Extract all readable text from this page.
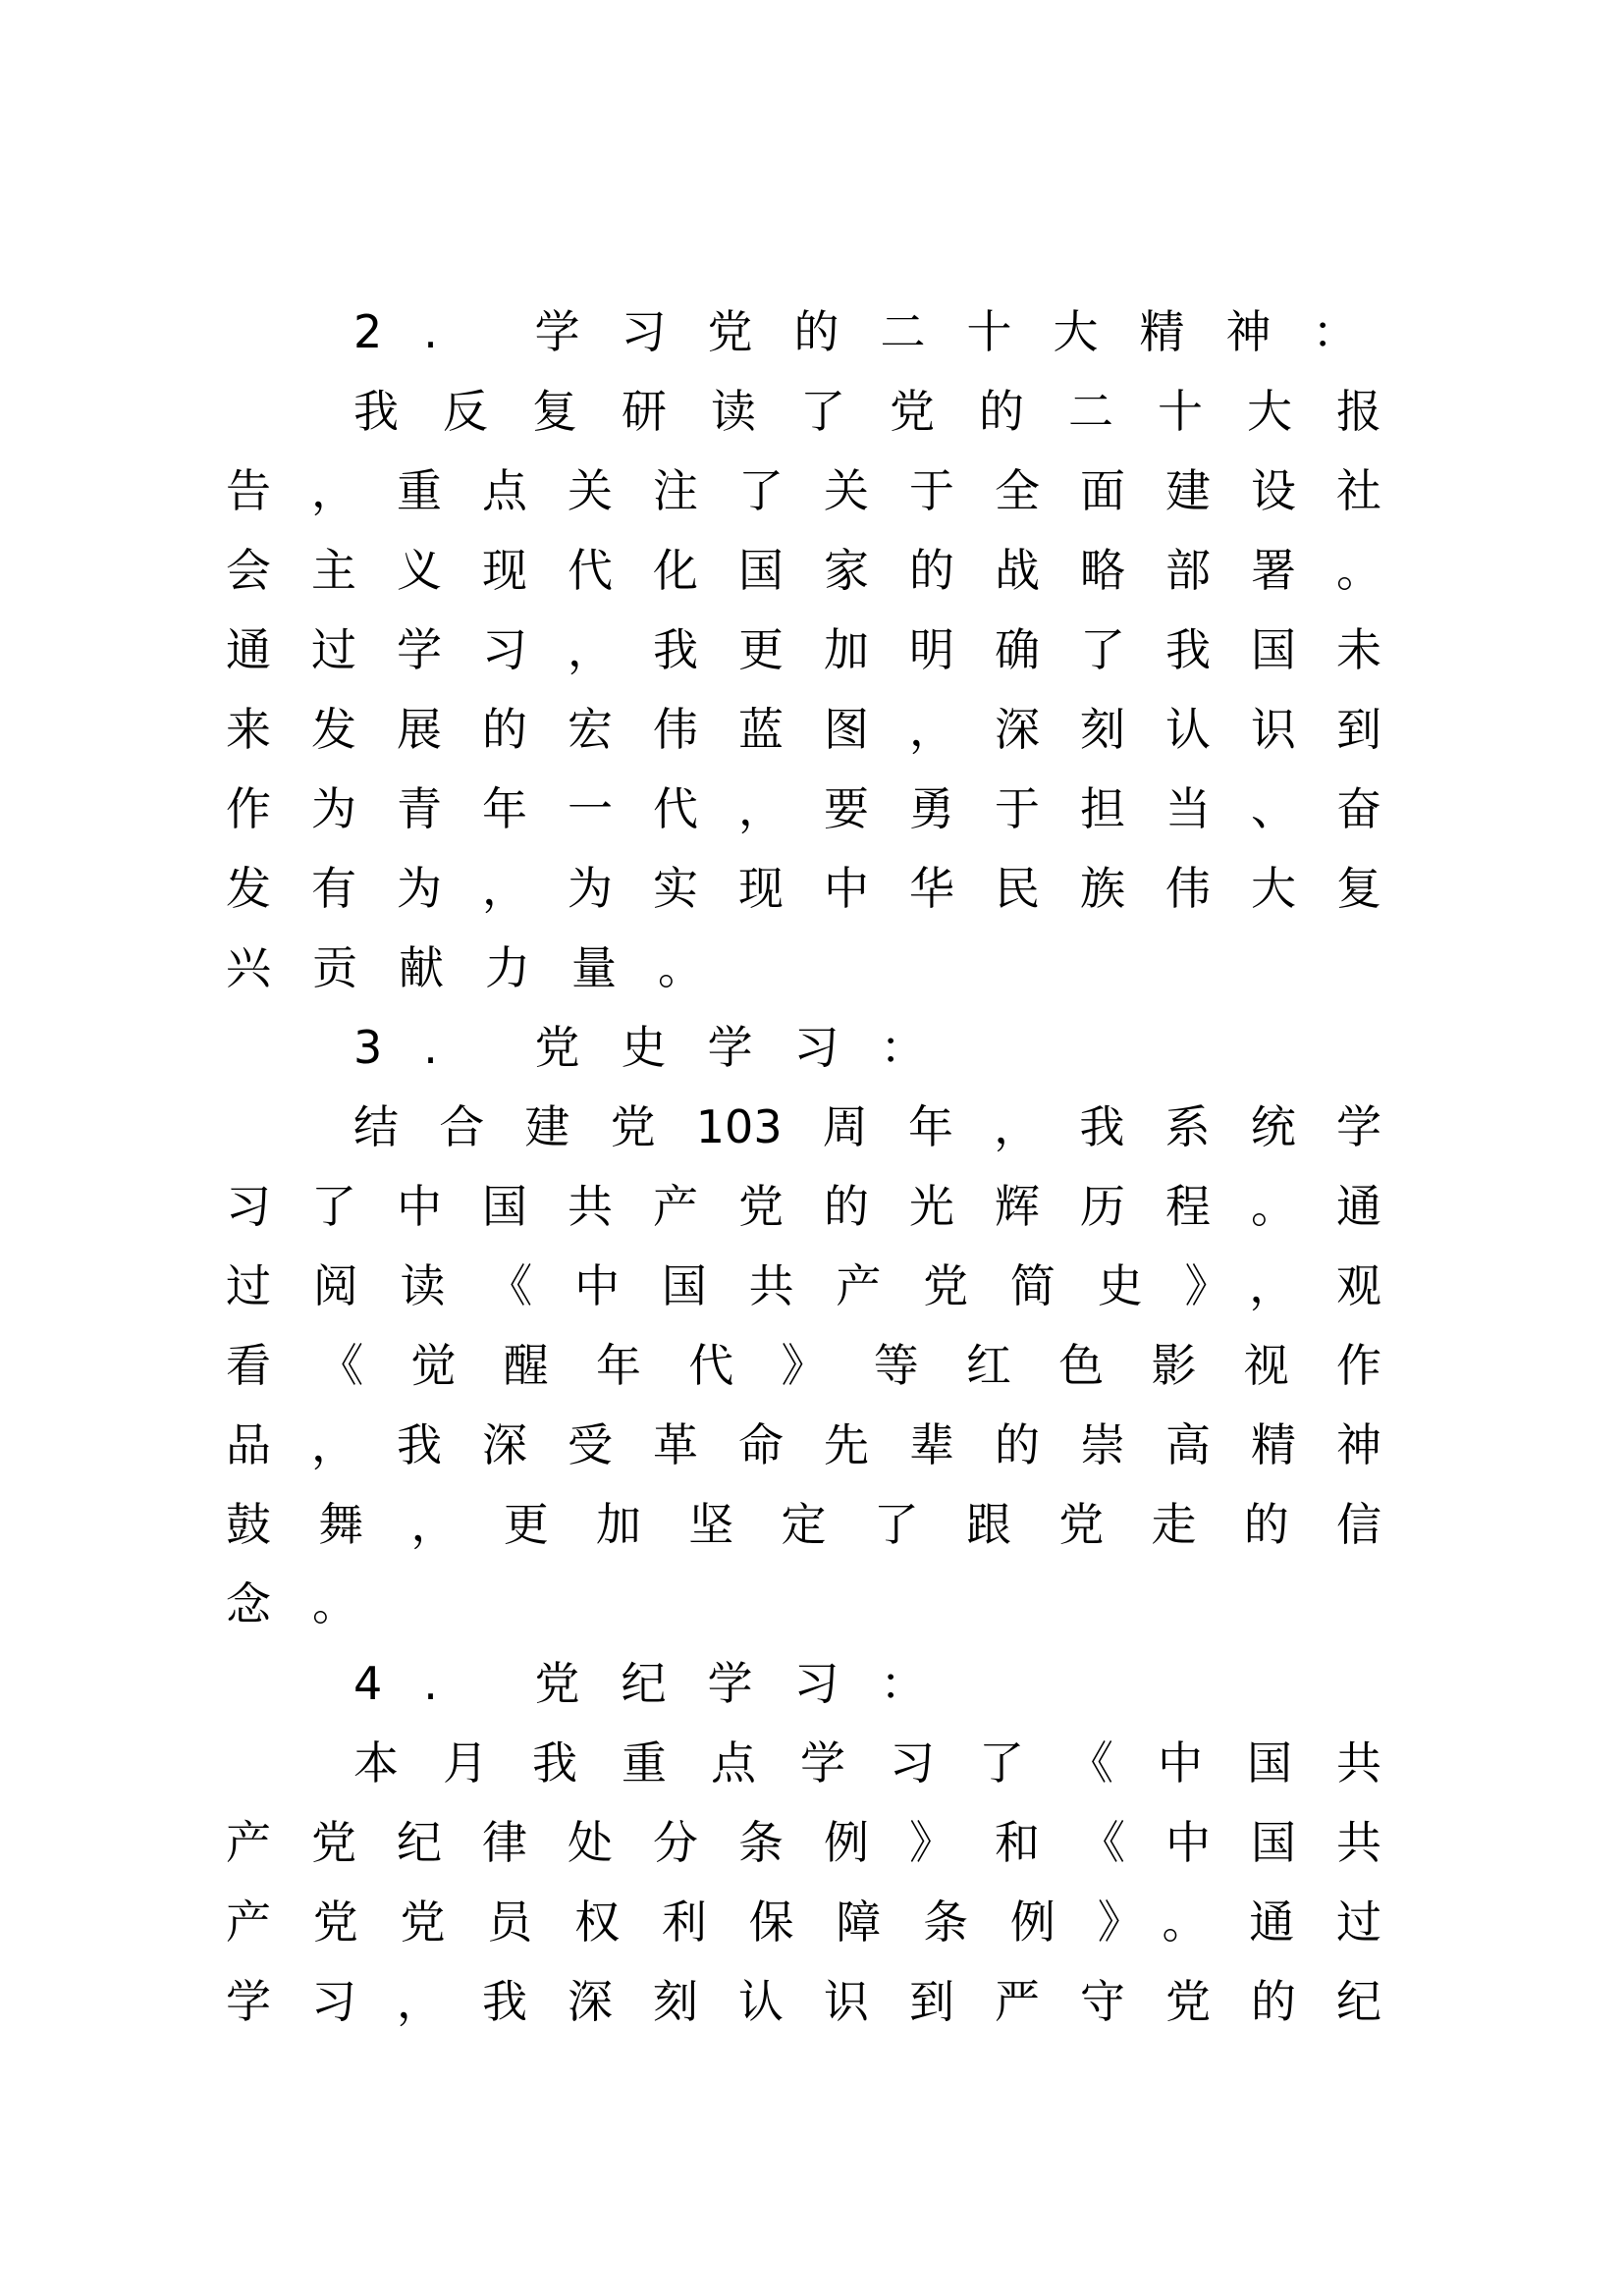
2. 学习党的二十大精神：
我反复研读了党的二十大报
告，重点关注了关于全面建设社
会主义现代化国家的战略部署。
通过学习，我更加明确了我国未
来发展的宏伟蓝图，深刻认识到
作为青年一代，要勇于担当、奋
发有为，为实现中华民族伟大复
兴贡献力量。
3. 党史学习：
结合建党103周年，我系统学
习了中国共产党的光辉历程。通
过阅读《中国共产党简史》，观
看《觉醒年代》等红色影视作
品，我深受革命先辈的崇高精神
鼓舞，更加坚定了跟党走的信
念。
4. 党纪学习：
本月我重点学习了《中国共
产党纪律处分条例》和《中国共
产党党员权利保障条例》。通过
学习，我深刻认识到严守党的纪
